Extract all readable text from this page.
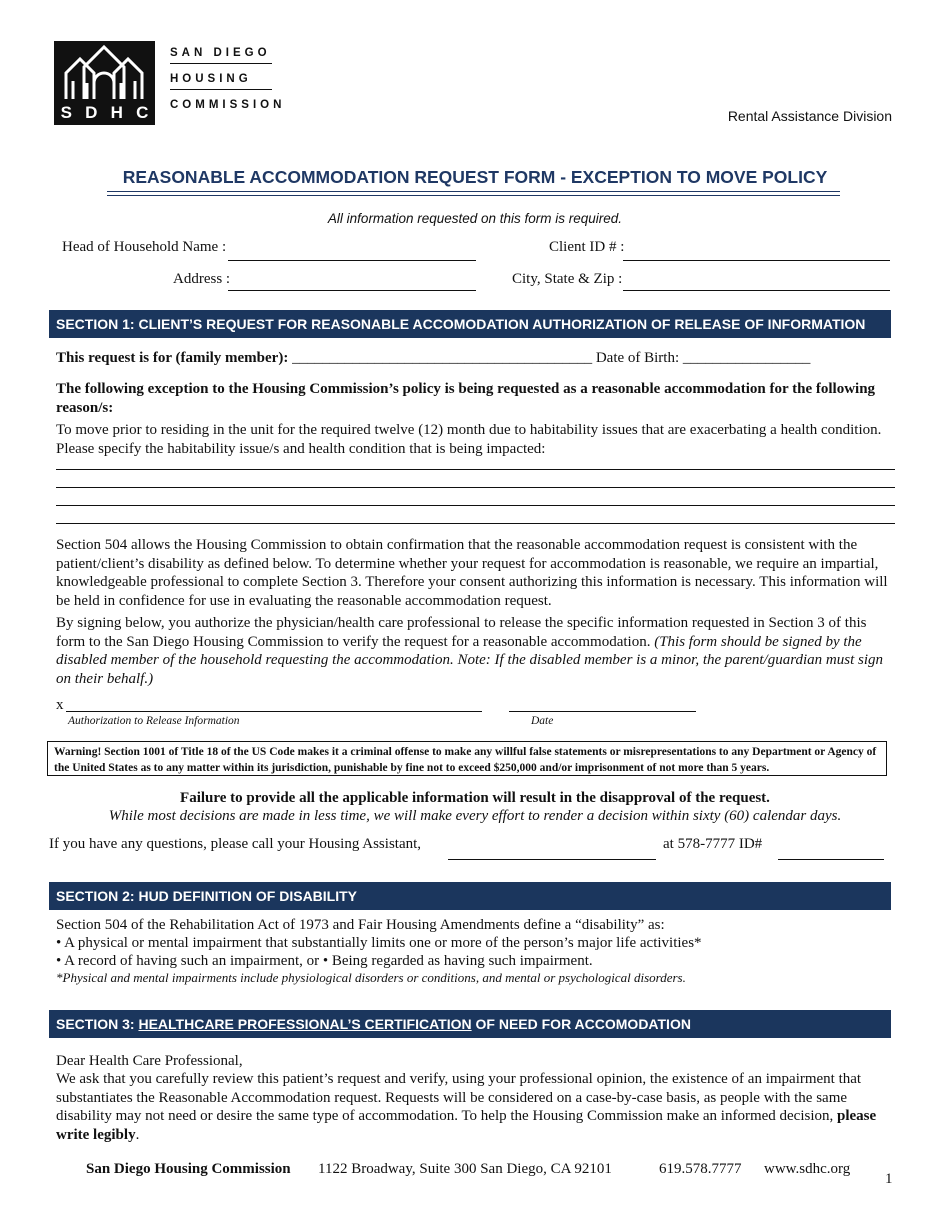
S D H C
SAN DIEGO
HOUSING
COMMISSION
Rental Assistance Division
REASONABLE ACCOMMODATION REQUEST FORM - EXCEPTION TO MOVE POLICY
All information requested on this form is required.
Head of Household Name :	Client ID # :
Address :	City, State & Zip :
SECTION 1: CLIENT’S REQUEST FOR REASONABLE ACCOMODATION AUTHORIZATION OF RELEASE OF INFORMATION
This request is for (family member): ________________________________________ Date of Birth: _________________
The following exception to the Housing Commission’s policy is being requested as a reasonable accommodation for the following reason/s:
To move prior to residing in the unit for the required twelve (12) month due to habitability issues that are exacerbating a health condition. Please specify the habitability issue/s and health condition that is being impacted:
Section 504 allows the Housing Commission to obtain confirmation that the reasonable accommodation request is consistent with the patient/client’s disability as defined below. To determine whether your request for accommodation is reasonable, we require an impartial, knowledgeable professional to complete Section 3. Therefore your consent authorizing this information is necessary. This information will be held in confidence for use in evaluating the reasonable accommodation request.
By signing below, you authorize the physician/health care professional to release the specific information requested in Section 3 of this form to the San Diego Housing Commission to verify the request for a reasonable accommodation. (This form should be signed by the disabled member of the household requesting the accommodation. Note: If the disabled member is a minor, the parent/guardian must sign on their behalf.)
x
Authorization to Release Information	Date
Warning! Section 1001 of Title 18 of the US Code makes it a criminal offense to make any willful false statements or misrepresentations to any Department or Agency of the United States as to any matter within its jurisdiction, punishable by fine not to exceed $250,000 and/or imprisonment of not more than 5 years.
Failure to provide all the applicable information will result in the disapproval of the request.
While most decisions are made in less time, we will make every effort to render a decision within sixty (60) calendar days.
If you have any questions, please call your Housing Assistant,	at 578-7777 ID#
SECTION 2: HUD DEFINITION OF DISABILITY
Section 504 of the Rehabilitation Act of 1973 and Fair Housing Amendments define a “disability” as:
• A physical or mental impairment that substantially limits one or more of the person’s major life activities*
• A record of having such an impairment, or • Being regarded as having such impairment.
*Physical and mental impairments include physiological disorders or conditions, and mental or psychological disorders.
SECTION 3: HEALTHCARE PROFESSIONAL’S CERTIFICATION OF NEED FOR ACCOMODATION
Dear Health Care Professional,
We ask that you carefully review this patient’s request and verify, using your professional opinion, the existence of an impairment that substantiates the Reasonable Accommodation request. Requests will be considered on a case-by-case basis, as people with the same disability may not need or desire the same type of accommodation. To help the Housing Commission make an informed decision, please write legibly.
San Diego Housing Commission 1122 Broadway, Suite 300 San Diego, CA 92101	619.578.7777 www.sdhc.org
1
